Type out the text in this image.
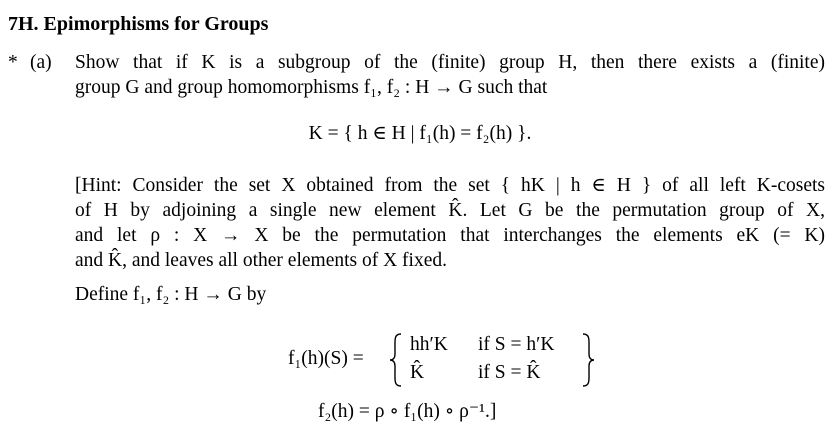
7H. Epimorphisms for Groups
* (a) Show that if K is a subgroup of the (finite) group H, then there exists a (finite)
group G and group homomorphisms f₁, f₂ : H → G such that
K = { h ∈ H | f₁(h) = f₂(h) }.
[Hint: Consider the set X obtained from the set { hK | h ∈ H } of all left K-cosets
of H by adjoining a single new element K̂. Let G be the permutation group of X,
and let ρ : X → X be the permutation that interchanges the elements eK (= K)
and K̂, and leaves all other elements of X fixed.
Define f₁, f₂ : H → G by
f₁(h)(S) =
hh′K if S = h′K
K̂	if S = K̂
f₂(h) = ρ ∘ f₁(h) ∘ ρ⁻¹.]
